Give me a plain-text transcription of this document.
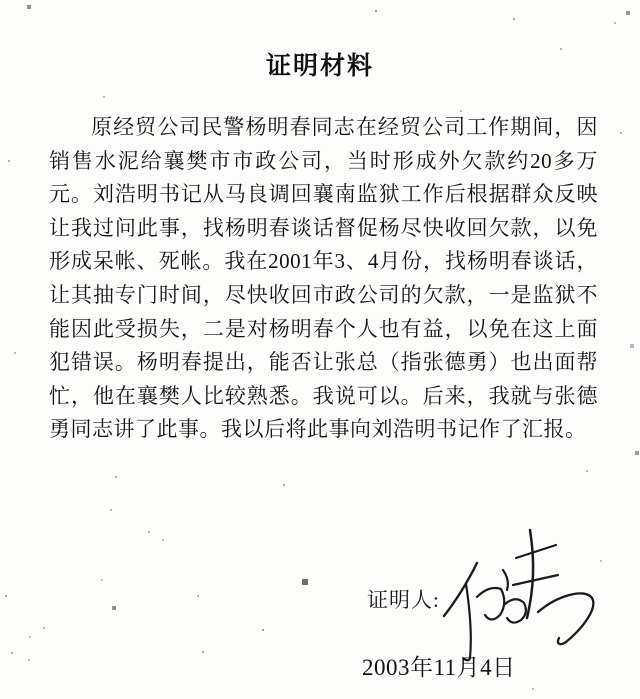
证明材料

原经贸公司民警杨明春同志在经贸公司工作期间，因

销售水泥给襄樊市市政公司，当时形成外欠款约20多万

元。刘浩明书记从马良调回襄南监狱工作后根据群众反映

让我过问此事，找杨明春谈话督促杨尽快收回欠款，以免

形成呆帐、死帐。我在2001年3、4月份，找杨明春谈话，

让其抽专门时间，尽快收回市政公司的欠款，一是监狱不

能因此受损失，二是对杨明春个人也有益，以免在这上面

犯错误。杨明春提出，能否让张总（指张德勇）也出面帮

忙，他在襄樊人比较熟悉。我说可以。后来，我就与张德

勇同志讲了此事。我以后将此事向刘浩明书记作了汇报。

证明人:
2003年11月4日
